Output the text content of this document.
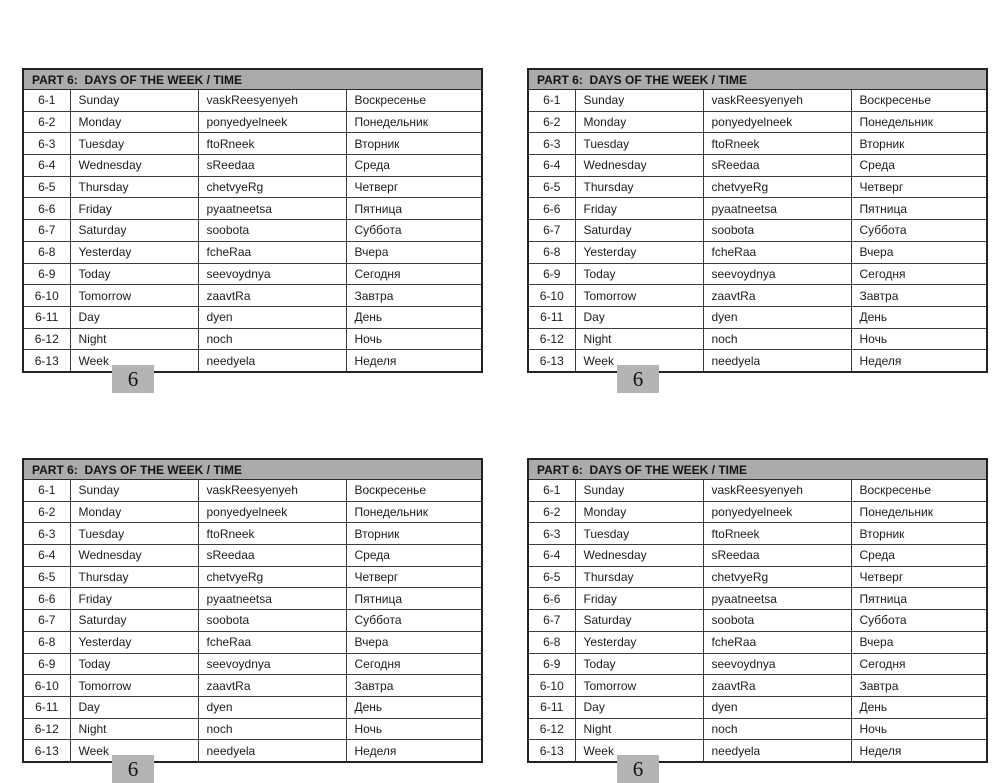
PART 6:  DAYS OF THE WEEK / TIME			
6-1	Sunday	vaskReesyenyeh	Воскресенье
6-2	Monday	ponyedyelneek	Понедельник
6-3	Tuesday	ftoRneek	Вторник
6-4	Wednesday	sReedaa	Среда
6-5	Thursday	chetvyeRg	Четверг
6-6	Friday	pyaatneetsa	Пятница
6-7	Saturday	soobota	Суббота
6-8	Yesterday	fcheRaa	Вчера
6-9	Today	seevoydnya	Сегодня
6-10	Tomorrow	zaavtRa	Завтра
6-11	Day	dyen	День
6-12	Night	noch	Ночь
6-13	Week	needyela	Неделя
6
PART 6:  DAYS OF THE WEEK / TIME			
6-1	Sunday	vaskReesyenyeh	Воскресенье
6-2	Monday	ponyedyelneek	Понедельник
6-3	Tuesday	ftoRneek	Вторник
6-4	Wednesday	sReedaa	Среда
6-5	Thursday	chetvyeRg	Четверг
6-6	Friday	pyaatneetsa	Пятница
6-7	Saturday	soobota	Суббота
6-8	Yesterday	fcheRaa	Вчера
6-9	Today	seevoydnya	Сегодня
6-10	Tomorrow	zaavtRa	Завтра
6-11	Day	dyen	День
6-12	Night	noch	Ночь
6-13	Week	needyela	Неделя
6
PART 6:  DAYS OF THE WEEK / TIME			
6-1	Sunday	vaskReesyenyeh	Воскресенье
6-2	Monday	ponyedyelneek	Понедельник
6-3	Tuesday	ftoRneek	Вторник
6-4	Wednesday	sReedaa	Среда
6-5	Thursday	chetvyeRg	Четверг
6-6	Friday	pyaatneetsa	Пятница
6-7	Saturday	soobota	Суббота
6-8	Yesterday	fcheRaa	Вчера
6-9	Today	seevoydnya	Сегодня
6-10	Tomorrow	zaavtRa	Завтра
6-11	Day	dyen	День
6-12	Night	noch	Ночь
6-13	Week	needyela	Неделя
6
PART 6:  DAYS OF THE WEEK / TIME			
6-1	Sunday	vaskReesyenyeh	Воскресенье
6-2	Monday	ponyedyelneek	Понедельник
6-3	Tuesday	ftoRneek	Вторник
6-4	Wednesday	sReedaa	Среда
6-5	Thursday	chetvyeRg	Четверг
6-6	Friday	pyaatneetsa	Пятница
6-7	Saturday	soobota	Суббота
6-8	Yesterday	fcheRaa	Вчера
6-9	Today	seevoydnya	Сегодня
6-10	Tomorrow	zaavtRa	Завтра
6-11	Day	dyen	День
6-12	Night	noch	Ночь
6-13	Week	needyela	Неделя
6
